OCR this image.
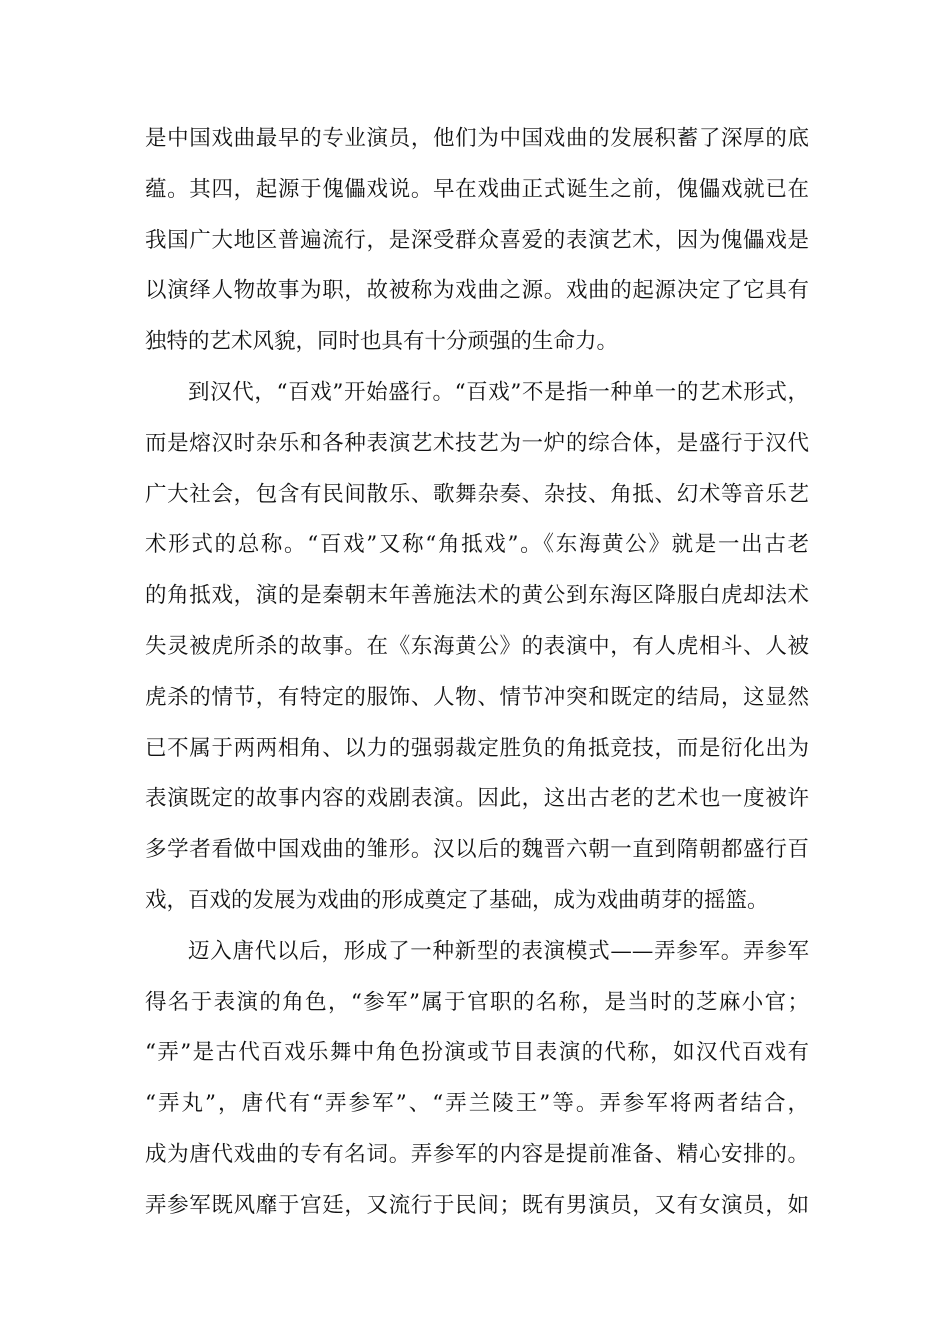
是中国戏曲最早的专业演员，他们为中国戏曲的发展积蓄了深厚的底
蕴。其四，起源于傀儡戏说。早在戏曲正式诞生之前，傀儡戏就已在
我国广大地区普遍流行，是深受群众喜爱的表演艺术，因为傀儡戏是
以演绎人物故事为职，故被称为戏曲之源。戏曲的起源决定了它具有
独特的艺术风貌，同时也具有十分顽强的生命力。
到汉代，“百戏”开始盛行。“百戏”不是指一种单一的艺术形式，
而是熔汉时杂乐和各种表演艺术技艺为一炉的综合体，是盛行于汉代
广大社会，包含有民间散乐、歌舞杂奏、杂技、角抵、幻术等音乐艺
术形式的总称。“百戏”又称“角抵戏”。《东海黄公》就是一出古老
的角抵戏，演的是秦朝末年善施法术的黄公到东海区降服白虎却法术
失灵被虎所杀的故事。在《东海黄公》的表演中，有人虎相斗、人被
虎杀的情节，有特定的服饰、人物、情节冲突和既定的结局，这显然
已不属于两两相角、以力的强弱裁定胜负的角抵竞技，而是衍化出为
表演既定的故事内容的戏剧表演。因此，这出古老的艺术也一度被许
多学者看做中国戏曲的雏形。汉以后的魏晋六朝一直到隋朝都盛行百
戏，百戏的发展为戏曲的形成奠定了基础，成为戏曲萌芽的摇篮。
迈入唐代以后，形成了一种新型的表演模式——弄参军。弄参军
得名于表演的角色，“参军”属于官职的名称，是当时的芝麻小官；
“弄”是古代百戏乐舞中角色扮演或节目表演的代称，如汉代百戏有
“弄丸”，唐代有“弄参军”、“弄兰陵王”等。弄参军将两者结合，
成为唐代戏曲的专有名词。弄参军的内容是提前准备、精心安排的。
弄参军既风靡于宫廷，又流行于民间；既有男演员，又有女演员，如
